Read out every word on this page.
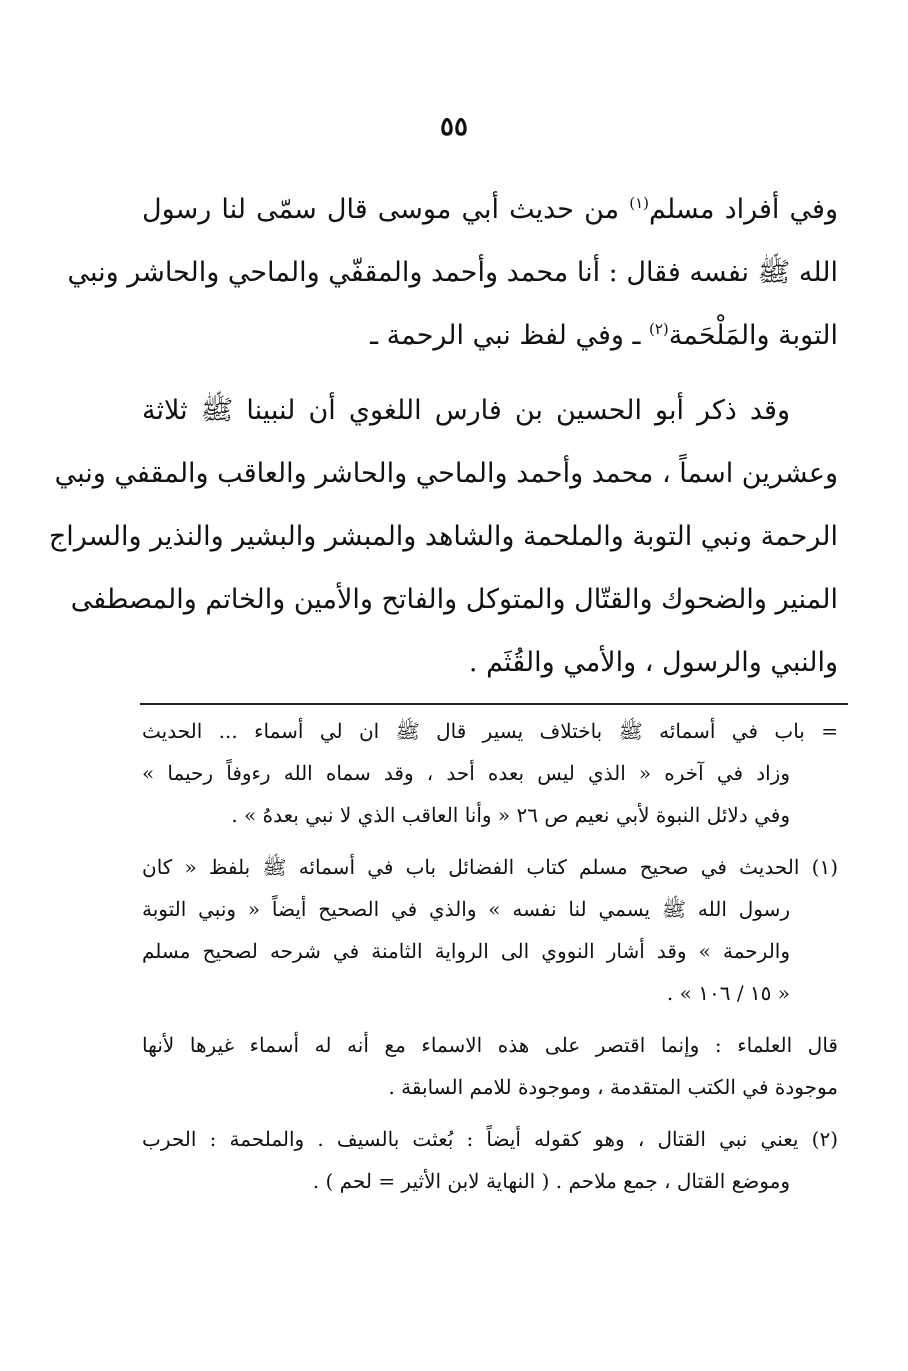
٥٥
وفي أفراد مسلم$^{(١)}$ من حديث أبي موسى قال سمّى لنا رسول
الله ﷺ نفسه فقال : أنا محمد وأحمد والمقفّي والماحي والحاشر ونبي
التوبة والمَلْحَمة$^{(٢)}$ ـ وفي لفظ نبي الرحمة ـ
وقد ذكر أبو الحسين بن فارس اللغوي أن لنبينا ﷺ ثلاثة
وعشرين اسماً ، محمد وأحمد والماحي والحاشر والعاقب والمقفي ونبي
الرحمة ونبي التوبة والملحمة والشاهد والمبشر والبشير والنذير والسراج
المنير والضحوك والقتّال والمتوكل والفاتح والأمين والخاتم والمصطفى
والنبي والرسول ، والأمي والقُثَم .
= باب في أسمائه ﷺ باختلاف يسير قال ﷺ ان لي أسماء ... الحديث
وزاد في آخره « الذي ليس بعده أحد ، وقد سماه الله رءوفاً رحيما »
وفي دلائل النبوة لأبي نعيم ص ٢٦ « وأنا العاقب الذي لا نبي بعدهُ » .
(١) الحديث في صحيح مسلم كتاب الفضائل باب في أسمائه ﷺ بلفظ « كان
رسول الله ﷺ يسمي لنا نفسه » والذي في الصحيح أيضاً « ونبي التوبة
والرحمة » وقد أشار النووي الى الرواية الثامنة في شرحه لصحيح مسلم
« ١٥ / ١٠٦ » .
قال العلماء : وإنما اقتصر على هذه الاسماء مع أنه له أسماء غيرها لأنها
موجودة في الكتب المتقدمة ، وموجودة للامم السابقة .
(٢) يعني نبي القتال ، وهو كقوله أيضاً : بُعثت بالسيف . والملحمة : الحرب
وموضع القتال ، جمع ملاحم . ( النهاية لابن الأثير = لحم ) .
